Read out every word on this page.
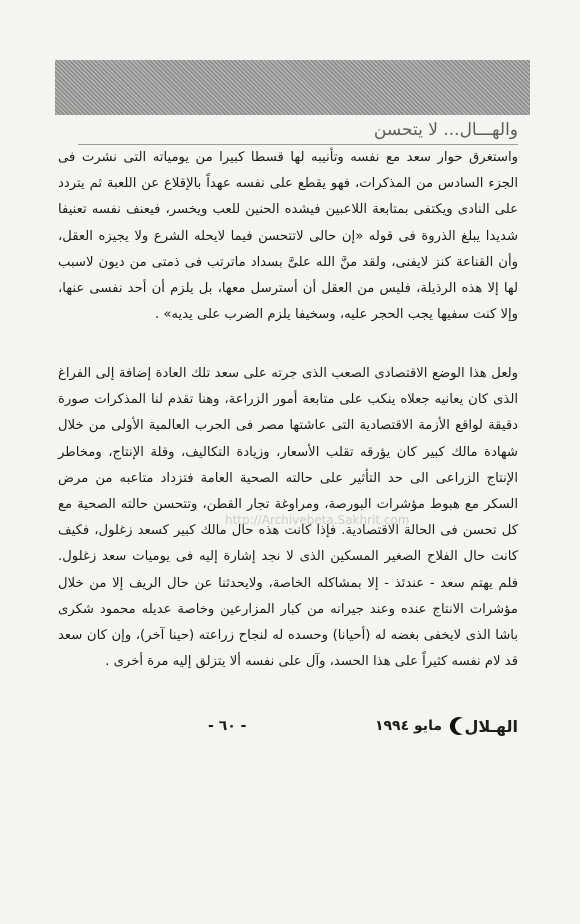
والهـــال... لا يتحسن

واستغرق حوار سعد مع نفسه وتأنيبه لها قسطا كبيرا من يومياته التى نشرت فى الجزء السادس من المذكرات، فهو يقطع على نفسه عهداً بالإقلاع عن اللعبة ثم يتردد على النادى ويكتفى بمتابعة اللاعبين فيشده الحنين للعب ويخسر، فيعنف نفسه تعنيفا شديدا يبلغ الذروة فى قوله «إن حالى لاتتحسن فيما لايحله الشرع ولا يجيزه العقل، وأن القناعة كنز لايفنى، ولقد منَّ الله علىَّ بسداد ماترتب فى ذمتى من ديون لاسبب لها إلا هذه الرذيلة، فليس من العقل أن أسترسل معها، بل يلزم أن أحد نفسى عنها، وإلا كنت سفيها يجب الحجر عليه، وسخيفا يلزم الضرب على يديه» .

ولعل هذا الوضع الاقتصادى الصعب الذى جرته على سعد تلك العادة إضافة إلى الفراغ الذى كان يعانيه جعلاه ينكب على متابعة أمور الزراعة، وهنا تقدم لنا المذكرات صورة دقيقة لواقع الأزمة الاقتصادية التى عاشتها مصر فى الحرب العالمية الأولى من خلال شهادة مالك كبير كان يؤرقه تقلب الأسعار، وزيادة التكاليف، وقلة الإنتاج، ومخاطر الإنتاج الزراعى الى حد التأثير على حالته الصحية العامة فتزداد متاعبه من مرض السكر مع هبوط مؤشرات البورصة، ومراوغة تجار القطن، وتتحسن حالته الصحية مع كل تحسن فى الحالة الاقتصادية. فإذا كانت هذه حال مالك كبير كسعد زغلول، فكيف كانت حال الفلاح الصغير المسكين الذى لا نجد إشارة إليه فى يوميات سعد زغلول. فلم يهتم سعد - عندئذ - إلا بمشاكله الخاصة، ولايحدثنا عن حال الريف إلا من خلال مؤشرات الانتاج عنده وعند جيرانه من كبار المزارعين وخاصة عديله محمود شكرى باشا الذى لايخفى بغضه له (أحيانا) وحسده له لنجاح زراعته (حينا آخر)، وإن كان سعد قد لام نفسه كثيراً على هذا الحسد، وآل على نفسه ألا يتزلق إليه مرة أخرى .

http://Archivebeta.Sakhrit.com
الهـلال
مايو ١٩٩٤
- ٦٠ -
